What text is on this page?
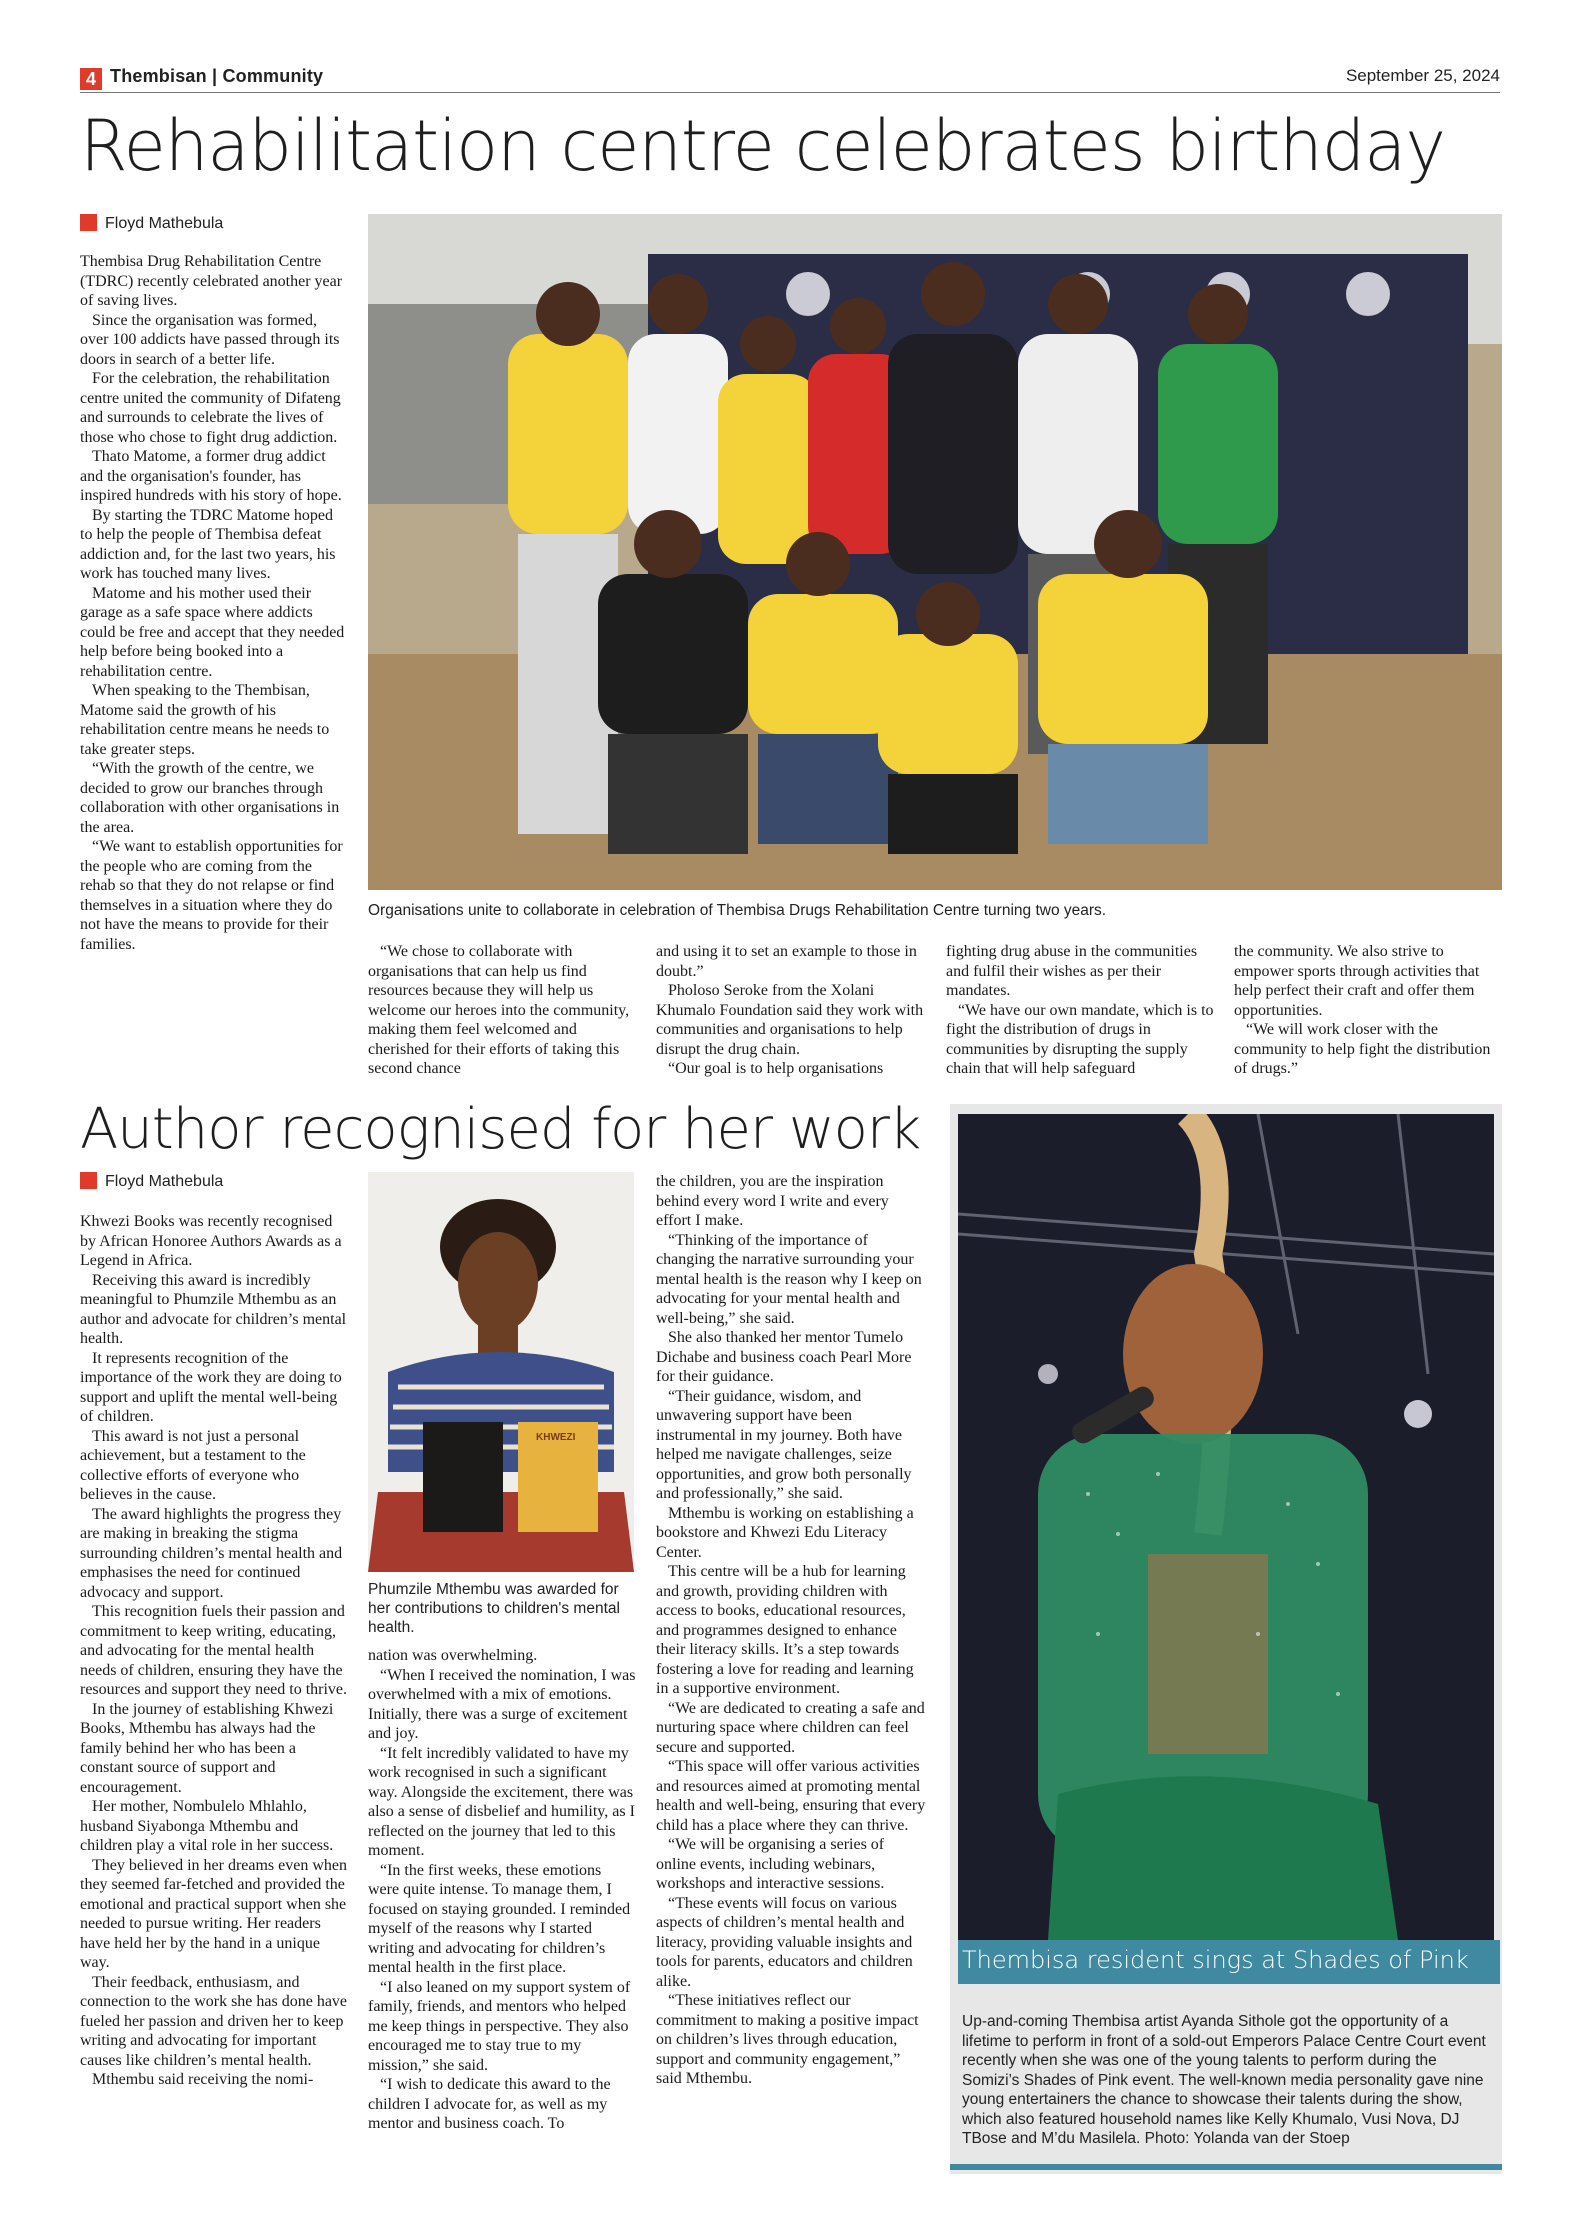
4 Thembisan | Community	September 25, 2024
Rehabilitation centre celebrates birthday
Floyd Mathebula

Thembisa Drug Rehabilitation Centre (TDRC) recently celebrated another year of saving lives.

Since the organisation was formed, over 100 addicts have passed through its doors in search of a better life.

For the celebration, the rehabilitation centre united the community of Difateng and surrounds to celebrate the lives of those who chose to fight drug addiction.

Thato Matome, a former drug addict and the organisation's founder, has inspired hundreds with his story of hope.

By starting the TDRC Matome hoped to help the people of Thembisa defeat addiction and, for the last two years, his work has touched many lives.

Matome and his mother used their garage as a safe space where addicts could be free and accept that they needed help before being booked into a rehabilitation centre.

When speaking to the Thembisan, Matome said the growth of his rehabilitation centre means he needs to take greater steps.

“With the growth of the centre, we decided to grow our branches through collaboration with other organisations in the area.

“We want to establish opportunities for the people who are coming from the rehab so that they do not relapse or find themselves in a situation where they do not have the means to provide for their families.

Organisations unite to collaborate in celebration of Thembisa Drugs Rehabilitation Centre turning two years.

“We chose to collaborate with organisations that can help us find resources because they will help us welcome our heroes into the community, making them feel welcomed and cherished for their efforts of taking this second chance

and using it to set an example to those in doubt.”

Pholoso Seroke from the Xolani Khumalo Foundation said they work with communities and organisations to help disrupt the drug chain.

“Our goal is to help organisations

fighting drug abuse in the communities and fulfil their wishes as per their mandates.

“We have our own mandate, which is to fight the distribution of drugs in communities by disrupting the supply chain that will help safeguard

the community. We also strive to empower sports through activities that help perfect their craft and offer them opportunities.

“We will work closer with the community to help fight the distribution of drugs.”

Author recognised for her work
Floyd Mathebula

Khwezi Books was recently recognised by African Honoree Authors Awards as a Legend in Africa.

Receiving this award is incredibly meaningful to Phumzile Mthembu as an author and advocate for children’s mental health.

It represents recognition of the importance of the work they are doing to support and uplift the mental well-being of children.

This award is not just a personal achievement, but a testament to the collective efforts of everyone who believes in the cause.

The award highlights the progress they are making in breaking the stigma surrounding children’s mental health and emphasises the need for continued advocacy and support.

This recognition fuels their passion and commitment to keep writing, educating, and advocating for the mental health needs of children, ensuring they have the resources and support they need to thrive.

In the journey of establishing Khwezi Books, Mthembu has always had the family behind her who has been a constant source of support and encouragement.

Her mother, Nombulelo Mhlahlo, husband Siyabonga Mthembu and children play a vital role in her success.

They believed in her dreams even when they seemed far-fetched and provided the emotional and practical support when she needed to pursue writing. Her readers have held her by the hand in a unique way.

Their feedback, enthusiasm, and connection to the work she has done have fueled her passion and driven her to keep writing and advocating for important causes like children’s mental health.

Mthembu said receiving the nomi-

KHWEZI
Phumzile Mthembu was awarded for her contributions to children's mental health.

nation was overwhelming.

“When I received the nomination, I was overwhelmed with a mix of emotions. Initially, there was a surge of excitement and joy.

“It felt incredibly validated to have my work recognised in such a significant way. Alongside the excitement, there was also a sense of disbelief and humility, as I reflected on the journey that led to this moment.

“In the first weeks, these emotions were quite intense. To manage them, I focused on staying grounded. I reminded myself of the reasons why I started writing and advocating for children’s mental health in the first place.

“I also leaned on my support system of family, friends, and mentors who helped me keep things in perspective. They also encouraged me to stay true to my mission,” she said.

“I wish to dedicate this award to the children I advocate for, as well as my mentor and business coach. To

the children, you are the inspiration behind every word I write and every effort I make.

“Thinking of the importance of changing the narrative surrounding your mental health is the reason why I keep on advocating for your mental health and well-being,” she said.

She also thanked her mentor Tumelo Dichabe and business coach Pearl More for their guidance.

“Their guidance, wisdom, and unwavering support have been instrumental in my journey. Both have helped me navigate challenges, seize opportunities, and grow both personally and professionally,” she said.

Mthembu is working on establishing a bookstore and Khwezi Edu Literacy Center.

This centre will be a hub for learning and growth, providing children with access to books, educational resources, and programmes designed to enhance their literacy skills. It’s a step towards fostering a love for reading and learning in a supportive environment.

“We are dedicated to creating a safe and nurturing space where children can feel secure and supported.

“This space will offer various activities and resources aimed at promoting mental health and well-being, ensuring that every child has a place where they can thrive.

“We will be organising a series of online events, including webinars, workshops and interactive sessions.

“These events will focus on various aspects of children’s mental health and literacy, providing valuable insights and tools for parents, educators and children alike.

“These initiatives reflect our commitment to making a positive impact on children’s lives through education, support and community engagement,” said Mthembu.

Thembisa resident sings at Shades of Pink
Up-and-coming Thembisa artist Ayanda Sithole got the opportunity of a lifetime to perform in front of a sold-out Emperors Palace Centre Court event recently when she was one of the young talents to perform during the Somizi’s Shades of Pink event. The well-known media personality gave nine young entertainers the chance to showcase their talents during the show, which also featured household names like Kelly Khumalo, Vusi Nova, DJ TBose and M’du Masilela. Photo: Yolanda van der Stoep
